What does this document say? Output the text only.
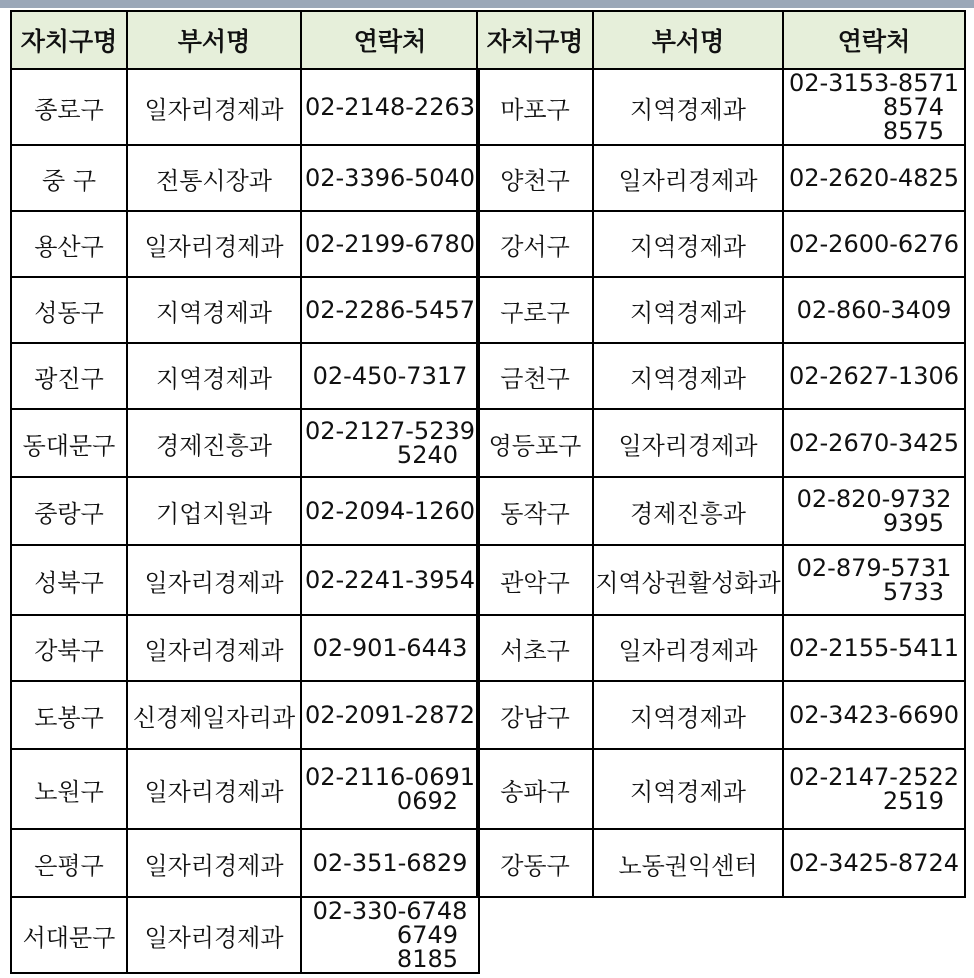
자치구명	부서명	연락처
종로구	일자리경제과	02-2148-2263

중 구	전통시장과	02-3396-5040

용산구	일자리경제과	02-2199-6780

성동구	지역경제과	02-2286-5457

광진구	지역경제과	02-450-7317

동대문구	경제진흥과	02-2127-5239
5240

중랑구	기업지원과	02-2094-1260

성북구	일자리경제과	02-2241-3954

강북구	일자리경제과	02-901-6443

도봉구	신경제일자리과	02-2091-2872

노원구	일자리경제과	02-2116-0691
0692

은평구	일자리경제과	02-351-6829

서대문구	일자리경제과	02-330-6748
6749
8185
자치구명	부서명	연락처
마포구	지역경제과	02-3153-8571
8574
8575

양천구	일자리경제과	02-2620-4825

강서구	지역경제과	02-2600-6276

구로구	지역경제과	02-860-3409

금천구	지역경제과	02-2627-1306

영등포구	일자리경제과	02-2670-3425

동작구	경제진흥과	02-820-9732
9395

관악구	지역상권활성화과	02-879-5731
5733

서초구	일자리경제과	02-2155-5411

강남구	지역경제과	02-3423-6690

송파구	지역경제과	02-2147-2522
2519

강동구	노동권익센터	02-3425-8724
